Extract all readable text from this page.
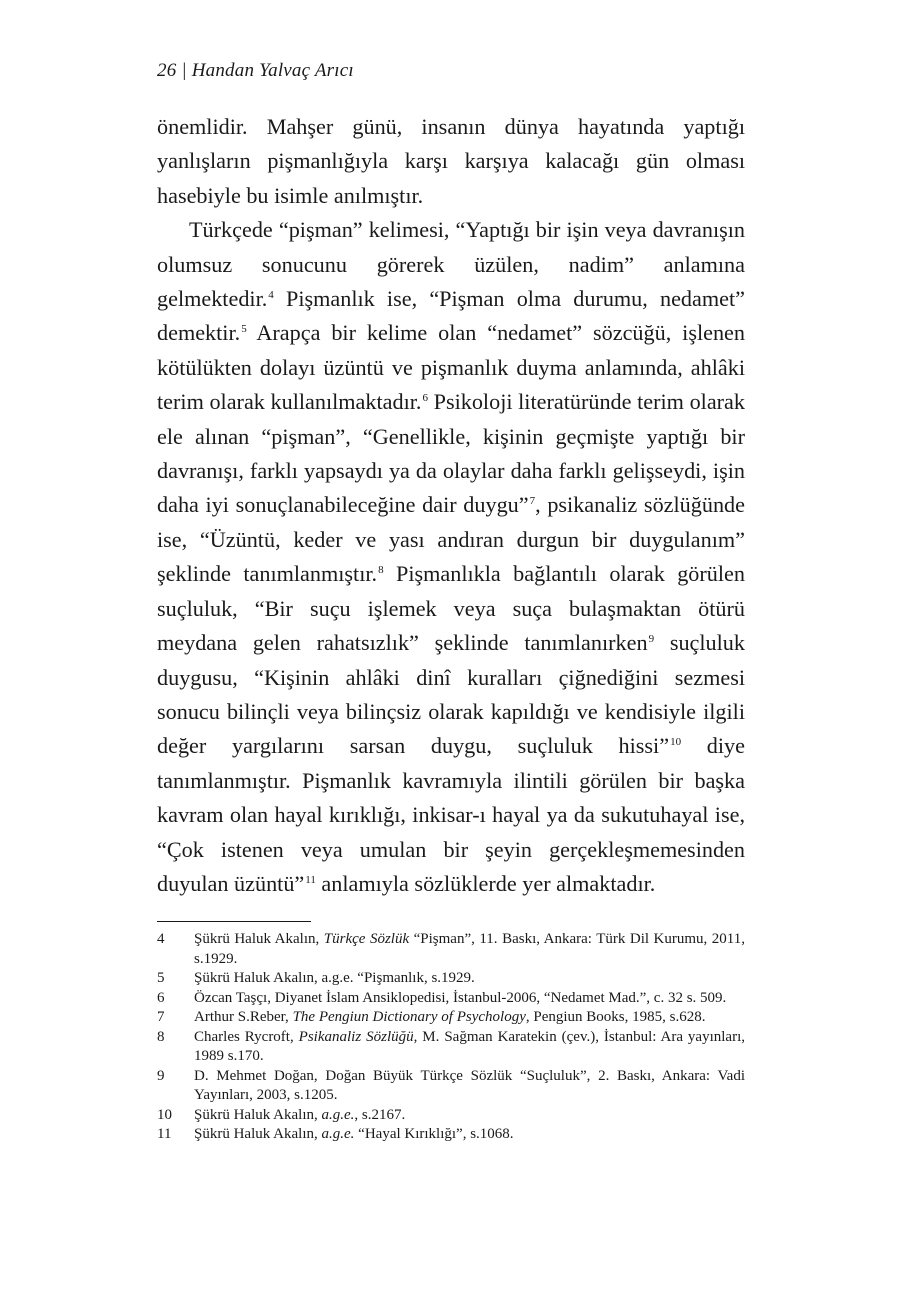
26 | Handan Yalvaç Arıcı

önemlidir. Mahşer günü, insanın dünya hayatında yaptığı yanlışların pişmanlığıyla karşı karşıya kalacağı gün olması hasebiyle bu isimle anılmıştır.

Türkçede “pişman” kelimesi, “Yaptığı bir işin veya davranışın olumsuz sonucunu görerek üzülen, nadim” anlamına gelmektedir.$^4$ Pişmanlık ise, “Pişman olma durumu, nedamet” demektir.$^5$ Arapça bir kelime olan “nedamet” sözcüğü, işlenen kötülükten dolayı üzüntü ve pişmanlık duyma anlamında, ahlâki terim olarak kullanılmaktadır.$^6$ Psikoloji literatüründe terim olarak ele alınan “pişman”, “Genellikle, kişinin geçmişte yaptığı bir davranışı, farklı yapsaydı ya da olaylar daha farklı gelişseydi, işin daha iyi sonuçlanabileceğine dair duygu”$^7$, psikanaliz sözlüğünde ise, “Üzüntü, keder ve yası andıran durgun bir duygulanım” şeklinde tanımlanmıştır.$^8$ Pişmanlıkla bağlantılı olarak görülen suçluluk, “Bir suçu işlemek veya suça bulaşmaktan ötürü meydana gelen rahatsızlık” şeklinde tanımlanırken$^9$ suçluluk duygusu, “Kişinin ahlâki dinî kuralları çiğnediğini sezmesi sonucu bilinçli veya bilinçsiz olarak kapıldığı ve kendisiyle ilgili değer yargılarını sarsan duygu, suçluluk hissi”$^{10}$ diye tanımlanmıştır. Pişmanlık kavramıyla ilintili görülen bir başka kavram olan hayal kırıklığı, inkisar-ı hayal ya da sukutuhayal ise, “Çok istenen veya umulan bir şeyin gerçekleşmemesinden duyulan üzüntü”$^{11}$ anlamıyla sözlüklerde yer almaktadır.

4	Şükrü Haluk Akalın, Türkçe Sözlük “Pişman”, 11. Baskı, Ankara: Türk Dil Kurumu, 2011, s.1929.
5	Şükrü Haluk Akalın, a.g.e. “Pişmanlık, s.1929.
6	Özcan Taşçı, Diyanet İslam Ansiklopedisi, İstanbul-2006, “Nedamet Mad.”, c. 32 s. 509.
7	Arthur S.Reber, The Pengiun Dictionary of Psychology, Pengiun Books, 1985, s.628.
8	Charles Rycroft, Psikanaliz Sözlüğü, M. Sağman Karatekin (çev.), İstanbul: Ara yayınları, 1989 s.170.
9	D. Mehmet Doğan, Doğan Büyük Türkçe Sözlük “Suçluluk”, 2. Baskı, Ankara: Vadi Yayınları, 2003, s.1205.
10	Şükrü Haluk Akalın, a.g.e., s.2167.
11	Şükrü Haluk Akalın, a.g.e. “Hayal Kırıklığı”, s.1068.
